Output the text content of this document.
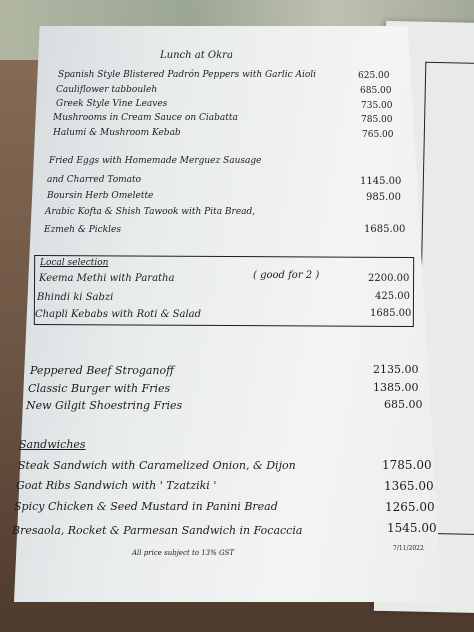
Lunch at Okra
Spanish Style Blistered Padrón Peppers with Garlic Aioli	625.00
Cauliflower tabbouleh	685.00
Greek Style Vine Leaves	735.00
Mushrooms in Cream Sauce on Ciabatta	785.00
Halumi & Mushroom Kebab	765.00
Fried Eggs with Homemade Merguez Sausage
and Charred Tomato	1145.00
Boursin Herb Omelette	985.00
Arabic Kofta & Shish Tawook with Pita Bread,
Ezmeh & Pickles	1685.00
Local selection
Keema Methi with Paratha	( good for 2 )	2200.00
Bhindi ki Sabzi	425.00
Chapli Kebabs with Roti & Salad	1685.00
Peppered Beef Stroganoff	2135.00
Classic Burger with Fries	1385.00
New Gilgit Shoestring Fries	685.00
Sandwiches
Steak Sandwich with Caramelized Onion, & Dijon	1785.00
Goat Ribs Sandwich with ' Tzatziki '	1365.00
Spicy Chicken & Seed Mustard in Panini Bread	1265.00
Bresaola, Rocket & Parmesan Sandwich in Focaccia	1545.00
All price subject to 13% GST
7/11/2022
